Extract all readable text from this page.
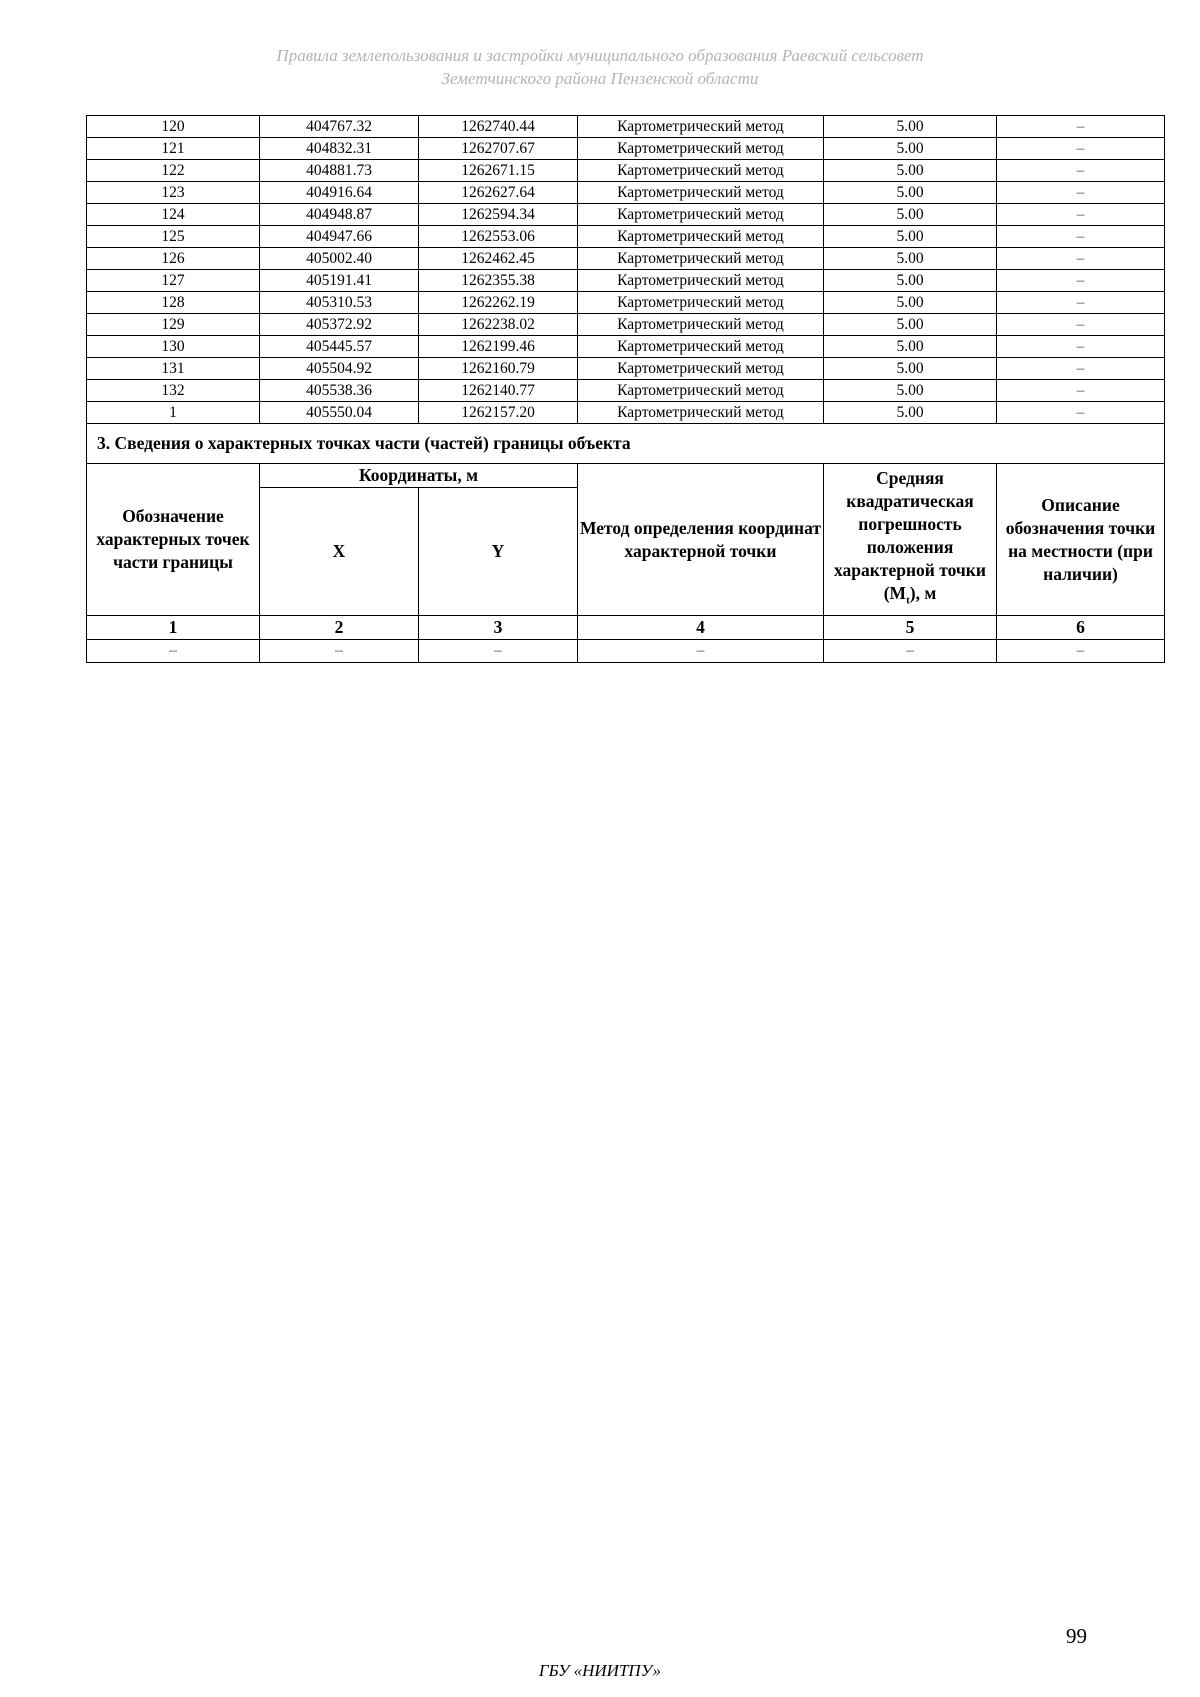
Правила землепользования и застройки муниципального образования Раевский сельсовет
Земетчинского района Пензенской области
120	404767.32	1262740.44	Картометрический метод	5.00	–
121	404832.31	1262707.67	Картометрический метод	5.00	–
122	404881.73	1262671.15	Картометрический метод	5.00	–
123	404916.64	1262627.64	Картометрический метод	5.00	–
124	404948.87	1262594.34	Картометрический метод	5.00	–
125	404947.66	1262553.06	Картометрический метод	5.00	–
126	405002.40	1262462.45	Картометрический метод	5.00	–
127	405191.41	1262355.38	Картометрический метод	5.00	–
128	405310.53	1262262.19	Картометрический метод	5.00	–
129	405372.92	1262238.02	Картометрический метод	5.00	–
130	405445.57	1262199.46	Картометрический метод	5.00	–
131	405504.92	1262160.79	Картометрический метод	5.00	–
132	405538.36	1262140.77	Картометрический метод	5.00	–
1	405550.04	1262157.20	Картометрический метод	5.00	–
3. Сведения о характерных точках части (частей) границы объекта					
Обозначение характерных точек части границы	Координаты, м		Метод определения координат характерной точки	Средняя квадратическая погрешность положения характерной точки $(M_t)$, м	Описание обозначения точки на местности (при наличии)
	X	Y			
1	2	3	4	5	6
–	–	–	–	–	–
99
ГБУ «НИИТПУ»
